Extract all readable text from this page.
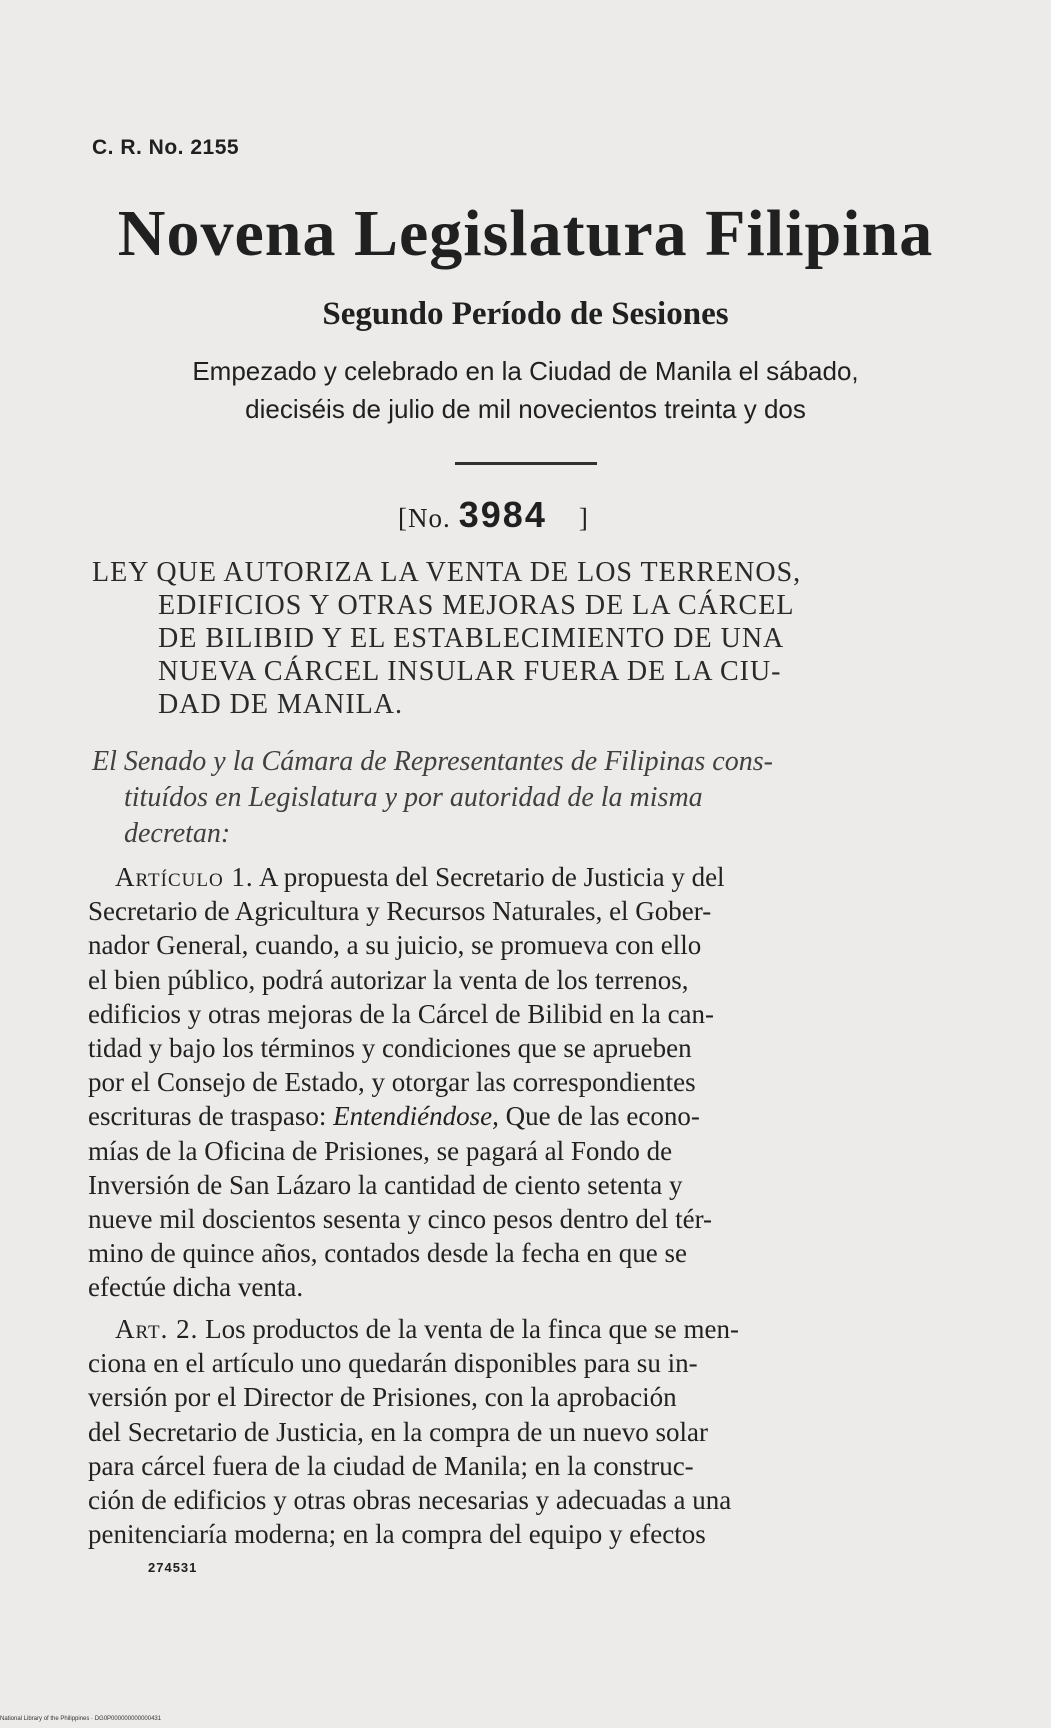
C. R. No. 2155
Novena Legislatura Filipina
Segundo Período de Sesiones
Empezado y celebrado en la Ciudad de Manila el sábado,
dieciséis de julio de mil novecientos treinta y dos
[No. 3984 ]
LEY QUE AUTORIZA LA VENTA DE LOS TERRENOS,
EDIFICIOS Y OTRAS MEJORAS DE LA CÁRCEL
DE BILIBID Y EL ESTABLECIMIENTO DE UNA
NUEVA CÁRCEL INSULAR FUERA DE LA CIU-
DAD DE MANILA.
El Senado y la Cámara de Representantes de Filipinas cons-
tituídos en Legislatura y por autoridad de la misma
decretan:
 Artículo 1. A propuesta del Secretario de Justicia y del
Secretario de Agricultura y Recursos Naturales, el Gober-
nador General, cuando, a su juicio, se promueva con ello
el bien público, podrá autorizar la venta de los terrenos,
edificios y otras mejoras de la Cárcel de Bilibid en la can-
tidad y bajo los términos y condiciones que se aprueben
por el Consejo de Estado, y otorgar las correspondientes
escrituras de traspaso: Entendiéndose, Que de las econo-
mías de la Oficina de Prisiones, se pagará al Fondo de
Inversión de San Lázaro la cantidad de ciento setenta y
nueve mil doscientos sesenta y cinco pesos dentro del tér-
mino de quince años, contados desde la fecha en que se
efectúe dicha venta.
 Art. 2. Los productos de la venta de la finca que se men-
ciona en el artículo uno quedarán disponibles para su in-
versión por el Director de Prisiones, con la aprobación
del Secretario de Justicia, en la compra de un nuevo solar
para cárcel fuera de la ciudad de Manila; en la construc-
ción de edificios y otras obras necesarias y adecuadas a una
penitenciaría moderna; en la compra del equipo y efectos
274531
National Library of the Philippines · DG0P000000000000431
